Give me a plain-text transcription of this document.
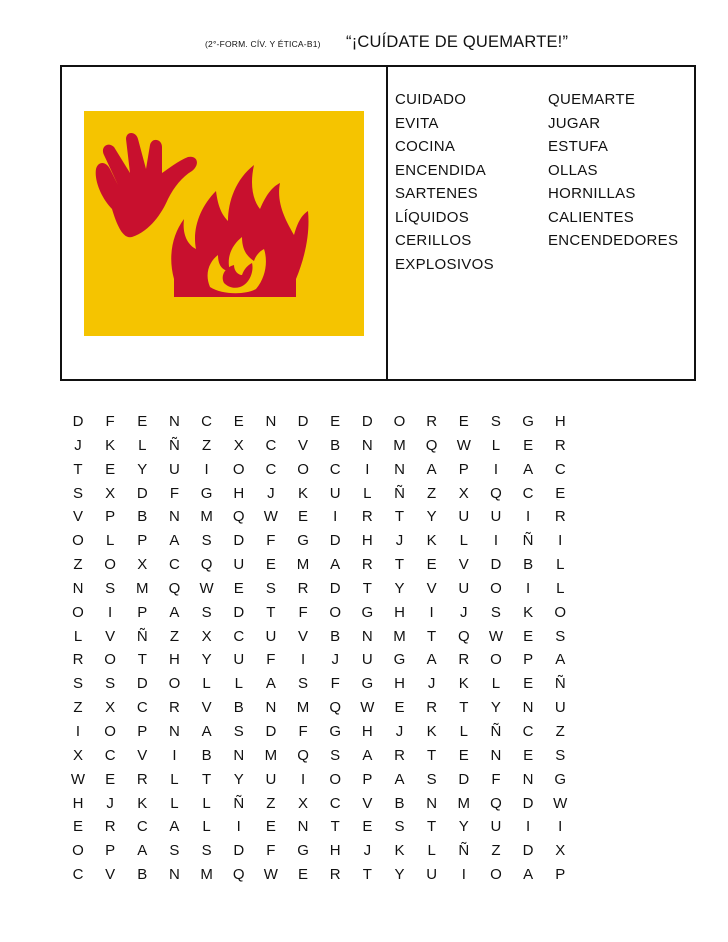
(2°-FORM. CÍV. Y ÉTICA-B1) “¡CUÍDATE DE QUEMARTE!”
CUIDADO	QUEMARTE
EVITA	JUGAR
COCINA	ESTUFA
ENCENDIDA	OLLAS
SARTENES	HORNILLAS
LÍQUIDOS	CALIENTES
CERILLOS	ENCENDEDORES
EXPLOSIVOS
D	F	E	N	C	E	N	D	E	D	O	R	E	S	G	H
J	K	L	Ñ	Z	X	C	V	B	N	M	Q	W	L	E	R
T	E	Y	U	I	O	C	O	C	I	N	A	P	I	A	C
S	X	D	F	G	H	J	K	U	L	Ñ	Z	X	Q	C	E
V	P	B	N	M	Q	W	E	I	R	T	Y	U	U	I	R
O	L	P	A	S	D	F	G	D	H	J	K	L	I	Ñ	I
Z	O	X	C	Q	U	E	M	A	R	T	E	V	D	B	L
N	S	M	Q	W	E	S	R	D	T	Y	V	U	O	I	L
O	I	P	A	S	D	T	F	O	G	H	I	J	S	K	O
L	V	Ñ	Z	X	C	U	V	B	N	M	T	Q	W	E	S
R	O	T	H	Y	U	F	I	J	U	G	A	R	O	P	A
S	S	D	O	L	L	A	S	F	G	H	J	K	L	E	Ñ
Z	X	C	R	V	B	N	M	Q	W	E	R	T	Y	N	U
I	O	P	N	A	S	D	F	G	H	J	K	L	Ñ	C	Z
X	C	V	I	B	N	M	Q	S	A	R	T	E	N	E	S
W	E	R	L	T	Y	U	I	O	P	A	S	D	F	N	G
H	J	K	L	L	Ñ	Z	X	C	V	B	N	M	Q	D	W
E	R	C	A	L	I	E	N	T	E	S	T	Y	U	I	I
O	P	A	S	S	D	F	G	H	J	K	L	Ñ	Z	D	X
C	V	B	N	M	Q	W	E	R	T	Y	U	I	O	A	P
